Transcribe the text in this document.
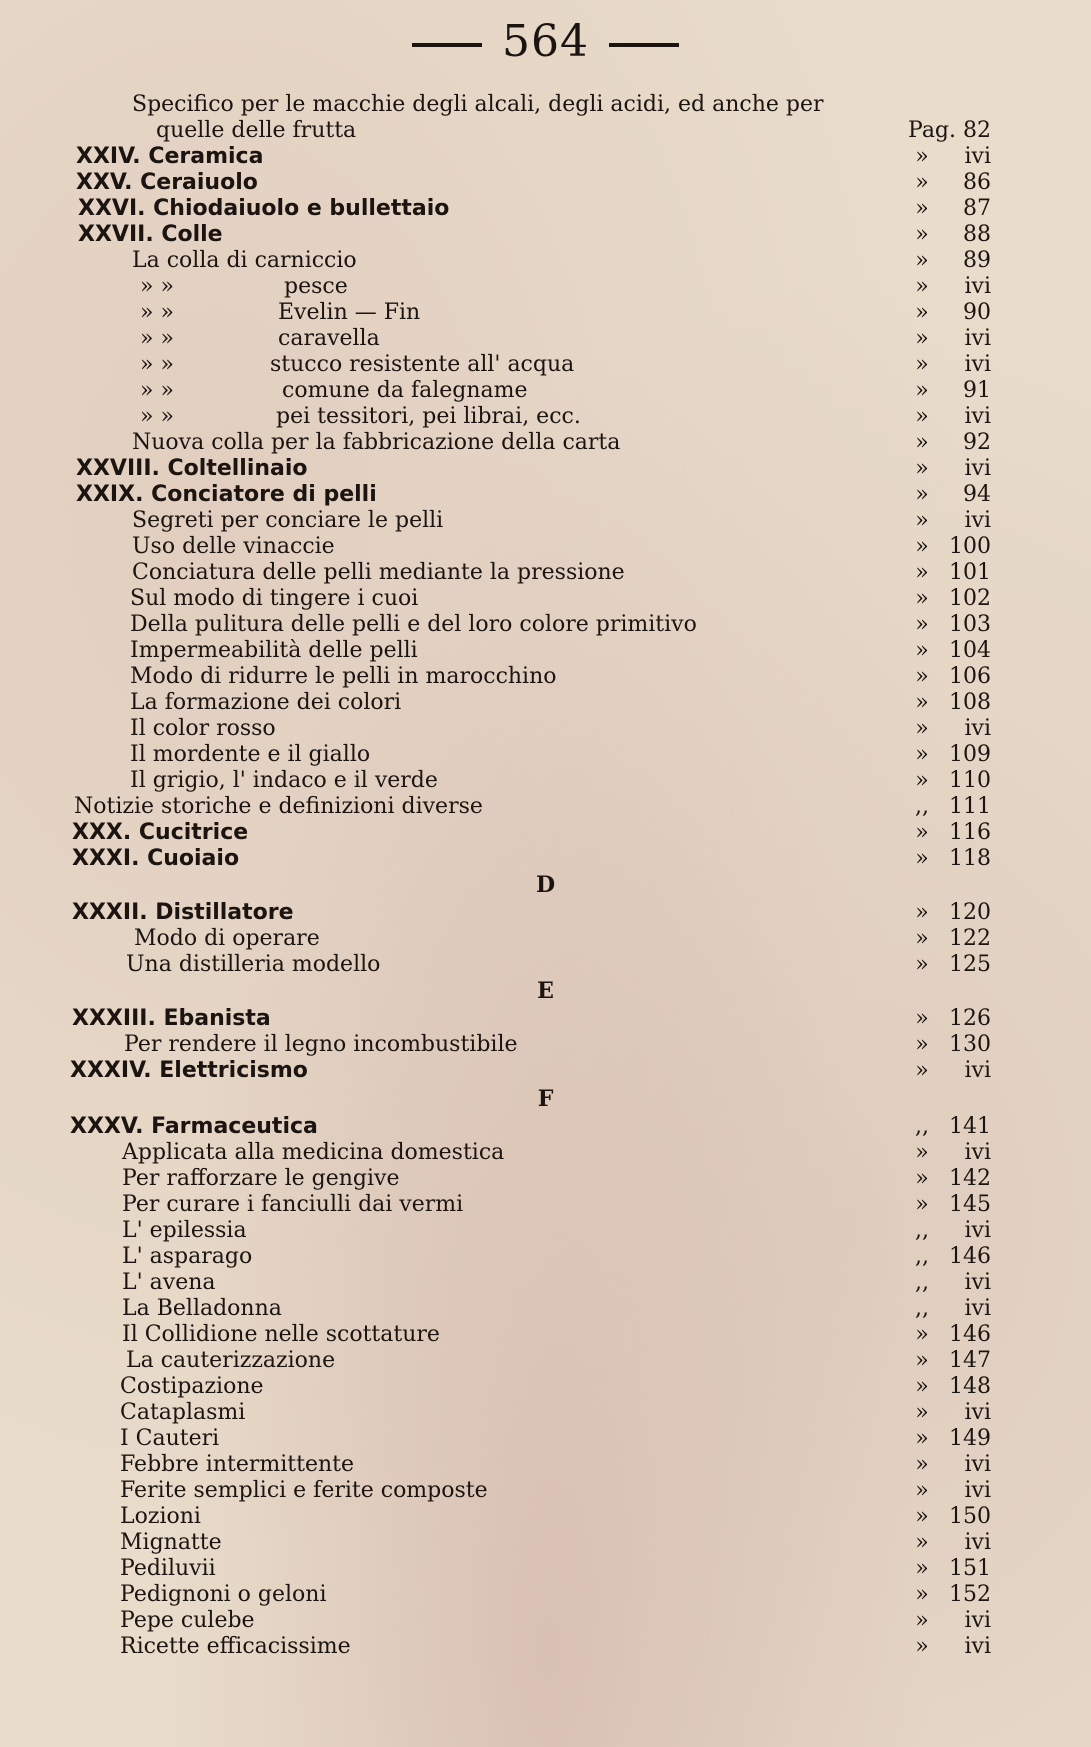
564
Specifico per le macchie degli alcali, degli acidi, ed anche per
quelle delle frutta	Pag. 82
XXIV. Ceramica	»	ivi
XXV. Ceraiuolo	»	86
XXVI. Chiodaiuolo e bullettaio	»	87
XXVII. Colle	»	88
La colla di carniccio	»	89
» »	pesce	»	ivi
» »	Evelin — Fin	»	90
» »	caravella	»	ivi
» »	stucco resistente all' acqua	»	ivi
» »	comune da falegname	»	91
» »	pei tessitori, pei librai, ecc.	»	ivi
Nuova colla per la fabbricazione della carta	»	92
XXVIII. Coltellinaio	»	ivi
XXIX. Conciatore di pelli	»	94
Segreti per conciare le pelli	»	ivi
Uso delle vinaccie	» 100
Conciatura delle pelli mediante la pressione	» 101
Sul modo di tingere i cuoi	» 102
Della pulitura delle pelli e del loro colore primitivo	» 103
Impermeabilità delle pelli	» 104
Modo di ridurre le pelli in marocchino	» 106
La formazione dei colori	» 108
Il color rosso	»	ivi
Il mordente e il giallo	» 109
Il grigio, l' indaco e il verde	» 110
Notizie storiche e definizioni diverse	,, 111
XXX. Cucitrice	» 116
XXXI. Cuoiaio	» 118
D
XXXII. Distillatore	» 120
Modo di operare	» 122
Una distilleria modello	» 125
E
XXXIII. Ebanista	» 126
Per rendere il legno incombustibile	» 130
XXXIV. Elettricismo	»	ivi
F
XXXV. Farmaceutica	,, 141
Applicata alla medicina domestica	»	ivi
Per rafforzare le gengive	» 142
Per curare i fanciulli dai vermi	» 145
L' epilessia	,,	ivi
L' asparago	,, 146
L' avena	,,	ivi
La Belladonna	,,	ivi
Il Collidione nelle scottature	» 146
La cauterizzazione	» 147
Costipazione	» 148
Cataplasmi	»	ivi
I Cauteri	» 149
Febbre intermittente	»	ivi
Ferite semplici e ferite composte	»	ivi
Lozioni	» 150
Mignatte	»	ivi
Pediluvii	» 151
Pedignoni o geloni	» 152
Pepe culebe	»	ivi
Ricette efficacissime	»	ivi
